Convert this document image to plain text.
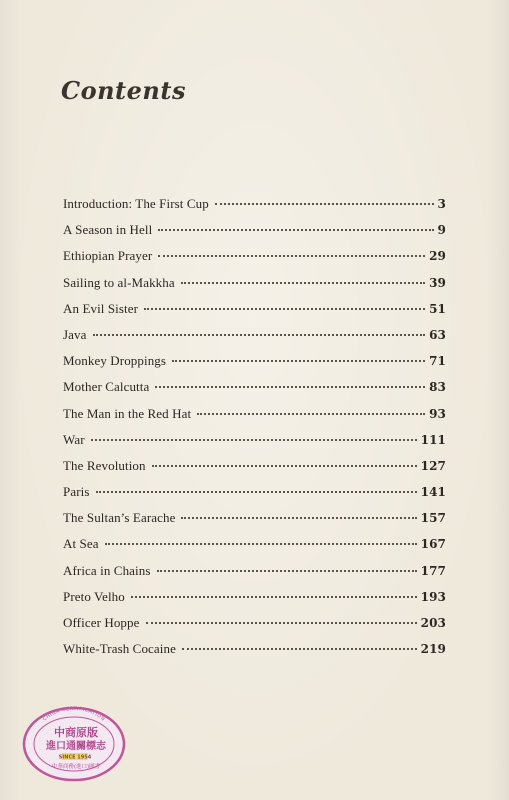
Contents
Introduction: The First Cup	3
A Season in Hell	9
Ethiopian Prayer	29
Sailing to al-Makkha	39
An Evil Sister	51
Java	63
Monkey Droppings	71
Mother Calcutta	83
The Man in the Red Hat	93
War	111
The Revolution	127
Paris	141
The Sultan’s Earache	157
At Sea	167
Africa in Chains	177
Preto Velho	193
Officer Hoppe	203
White-Trash Cocaine	219
CHINA CERTIFICATION
中商原版
進口通關標志
SINCE 1954
中華商務(進口)圖書
